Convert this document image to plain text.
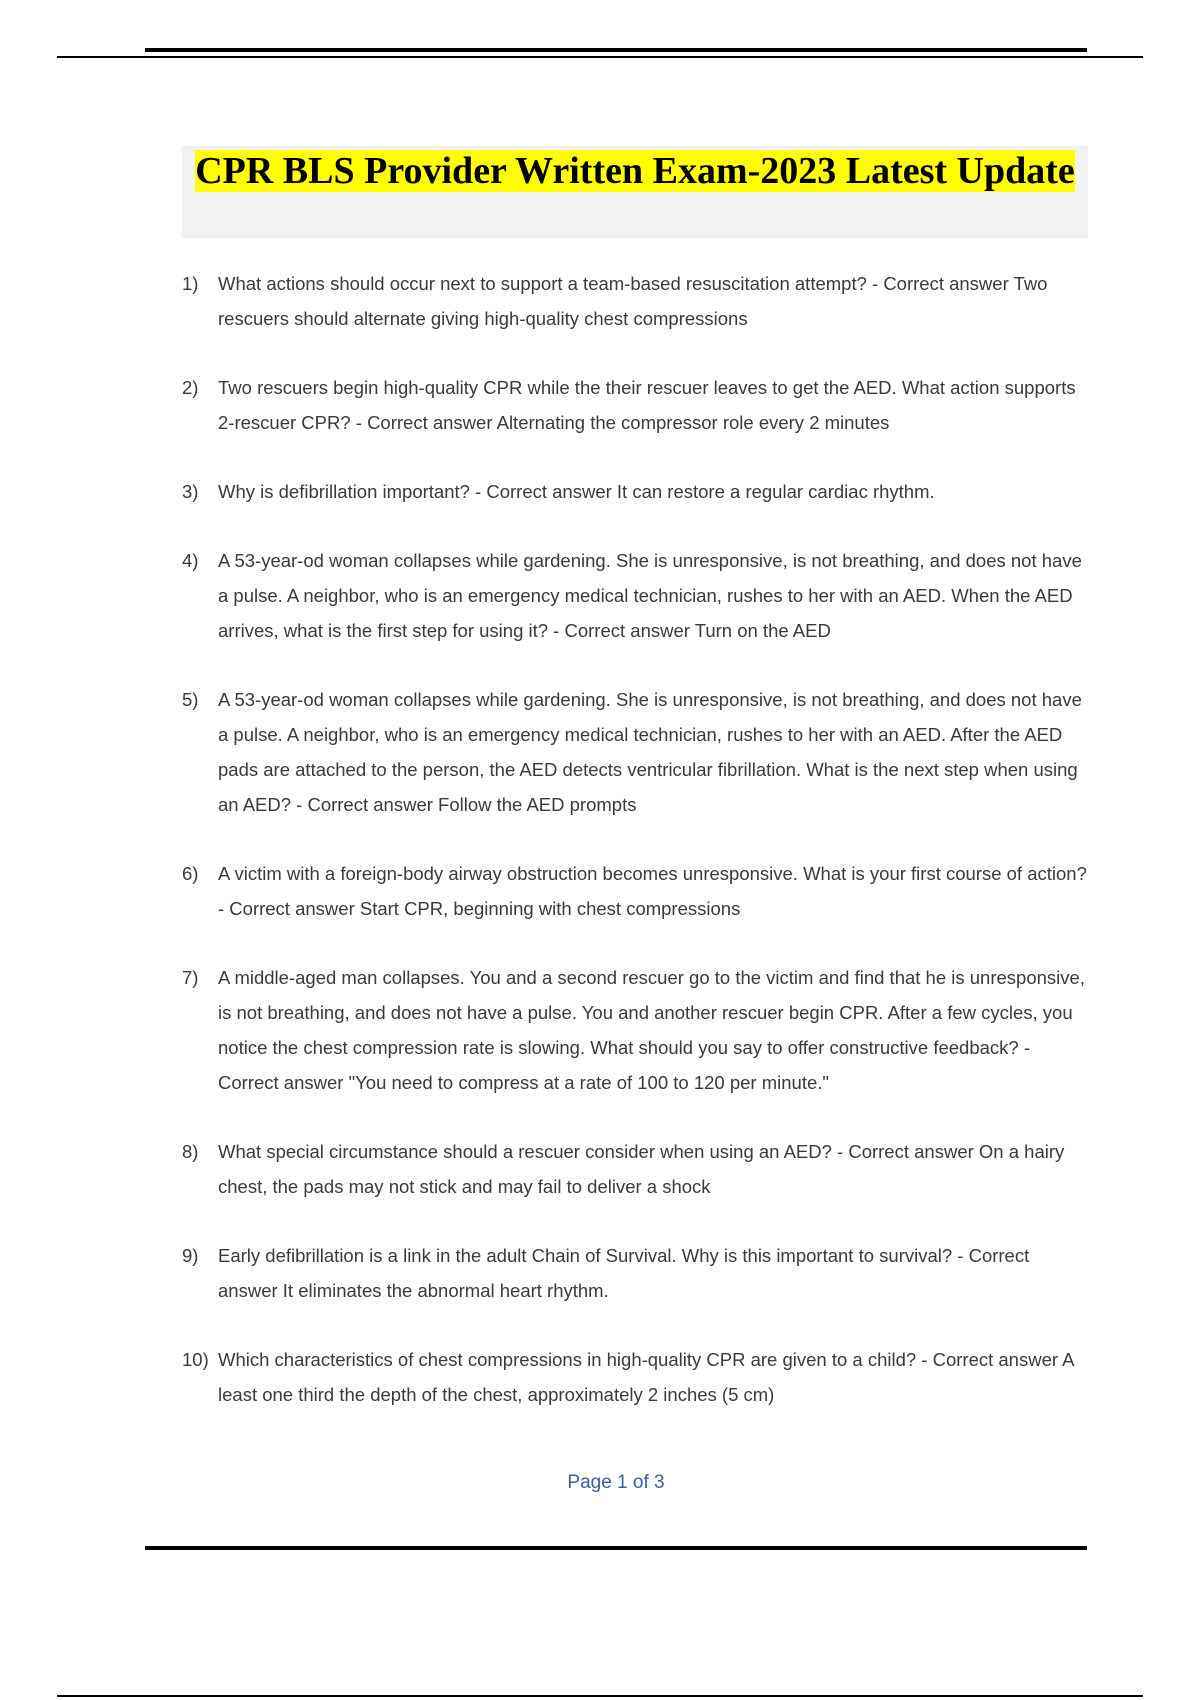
CPR BLS Provider Written Exam-2023 Latest Update
1) What actions should occur next to support a team-based resuscitation attempt? - Correct answer Two rescuers should alternate giving high-quality chest compressions
2) Two rescuers begin high-quality CPR while the their rescuer leaves to get the AED. What action supports 2-rescuer CPR? - Correct answer Alternating the compressor role every 2 minutes
3) Why is defibrillation important? - Correct answer It can restore a regular cardiac rhythm.
4) A 53-year-od woman collapses while gardening. She is unresponsive, is not breathing, and does not have a pulse. A neighbor, who is an emergency medical technician, rushes to her with an AED. When the AED arrives, what is the first step for using it? - Correct answer Turn on the AED
5) A 53-year-od woman collapses while gardening. She is unresponsive, is not breathing, and does not have a pulse. A neighbor, who is an emergency medical technician, rushes to her with an AED. After the AED pads are attached to the person, the AED detects ventricular fibrillation. What is the next step when using an AED? - Correct answer Follow the AED prompts
6) A victim with a foreign-body airway obstruction becomes unresponsive. What is your first course of action? - Correct answer Start CPR, beginning with chest compressions
7) A middle-aged man collapses. You and a second rescuer go to the victim and find that he is unresponsive, is not breathing, and does not have a pulse. You and another rescuer begin CPR. After a few cycles, you notice the chest compression rate is slowing. What should you say to offer constructive feedback? - Correct answer "You need to compress at a rate of 100 to 120 per minute."
8) What special circumstance should a rescuer consider when using an AED? - Correct answer On a hairy chest, the pads may not stick and may fail to deliver a shock
9) Early defibrillation is a link in the adult Chain of Survival. Why is this important to survival? - Correct answer It eliminates the abnormal heart rhythm.
10) Which characteristics of chest compressions in high-quality CPR are given to a child? - Correct answer A least one third the depth of the chest, approximately 2 inches (5 cm)
Page 1 of 3
